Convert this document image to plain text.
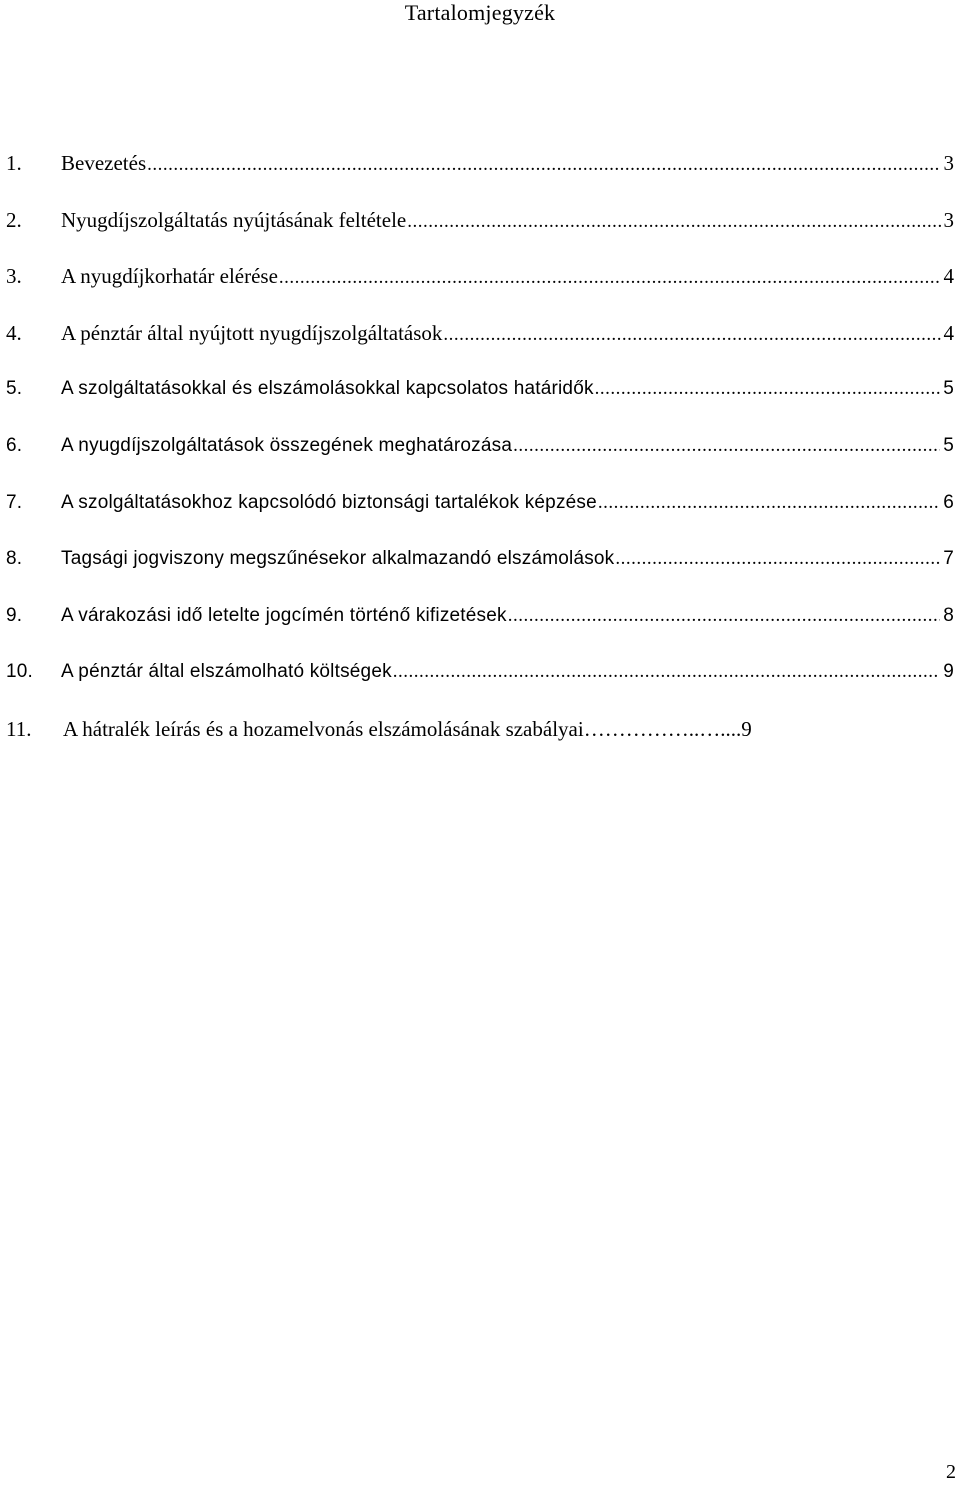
Tartalomjegyzék
1.	Bevezetés .....	3
2.	Nyugdíjszolgáltatás nyújtásának feltétele .....	3
3.	A nyugdíjkorhatár elérése .....	4
4.	A pénztár által nyújtott nyugdíjszolgáltatások .....	4
5.	A szolgáltatásokkal és elszámolásokkal kapcsolatos határidők .....	5
6.	A nyugdíjszolgáltatások összegének meghatározása .....	5
7.	A szolgáltatásokhoz kapcsolódó biztonsági tartalékok képzése .....	6
8.	Tagsági jogviszony megszűnésekor alkalmazandó elszámolások .....	7
9.	A várakozási idő letelte jogcímén történő kifizetések .....	8
10.	A pénztár által elszámolható költségek .....	9
11.	A hátralék leírás és a hozamelvonás elszámolásának szabályai ……………..…....9
2
